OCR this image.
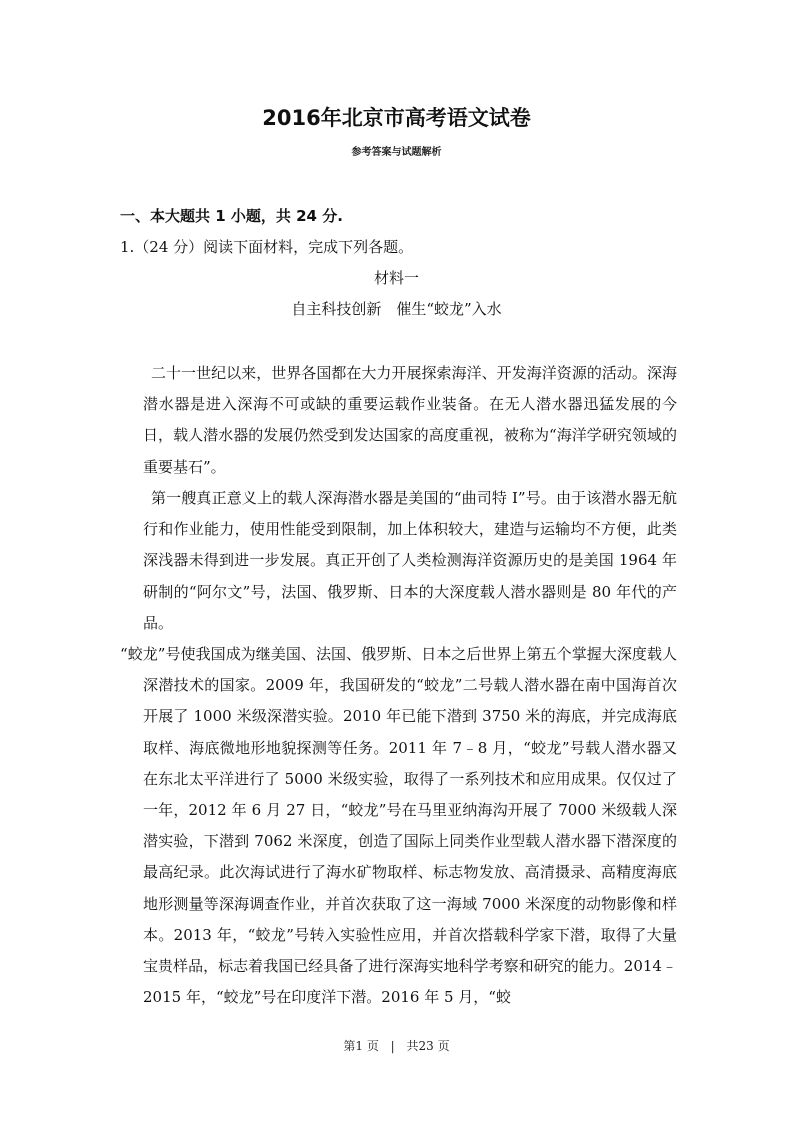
2016年北京市高考语文试卷
参考答案与试题解析
一、本大题共 1 小题，共 24 分.
1.（24 分）阅读下面材料，完成下列各题。
材料一
自主科技创新　催生“蛟龙”入水

二十一世纪以来，世界各国都在大力开展探索海洋、开发海洋资源的活动。深海潜水器是进入深海不可或缺的重要运载作业装备。在无人潜水器迅猛发展的今日，载人潜水器的发展仍然受到发达国家的高度重视，被称为“海洋学研究领域的重要基石”。

第一艘真正意义上的载人深海潜水器是美国的“曲司特 I”号。由于该潜水器无航行和作业能力，使用性能受到限制，加上体积较大，建造与运输均不方便，此类深浅器未得到进一步发展。真正开创了人类检测海洋资源历史的是美国 1964 年研制的“阿尔文”号，法国、俄罗斯、日本的大深度载人潜水器则是 80 年代的产品。

“蛟龙”号使我国成为继美国、法国、俄罗斯、日本之后世界上第五个掌握大深度载人深潜技术的国家。2009 年，我国研发的“蛟龙”二号载人潜水器在南中国海首次开展了 1000 米级深潜实验。2010 年已能下潜到 3750 米的海底，并完成海底取样、海底微地形地貌探测等任务。2011 年 7﹣8 月，“蛟龙”号载人潜水器又在东北太平洋进行了 5000 米级实验，取得了一系列技术和应用成果。仅仅过了一年，2012 年 6 月 27 日，“蛟龙”号在马里亚纳海沟开展了 7000 米级载人深潜实验，下潜到 7062 米深度，创造了国际上同类作业型载人潜水器下潜深度的最高纪录。此次海试进行了海水矿物取样、标志物发放、高清摄录、高精度海底地形测量等深海调查作业，并首次获取了这一海域 7000 米深度的动物影像和样本。2013 年，“蛟龙”号转入实验性应用，并首次搭载科学家下潜，取得了大量宝贵样品，标志着我国已经具备了进行深海实地科学考察和研究的能力。2014﹣2015 年，“蛟龙”号在印度洋下潜。2016 年 5 月，“蛟

第1 页 | 共23 页
